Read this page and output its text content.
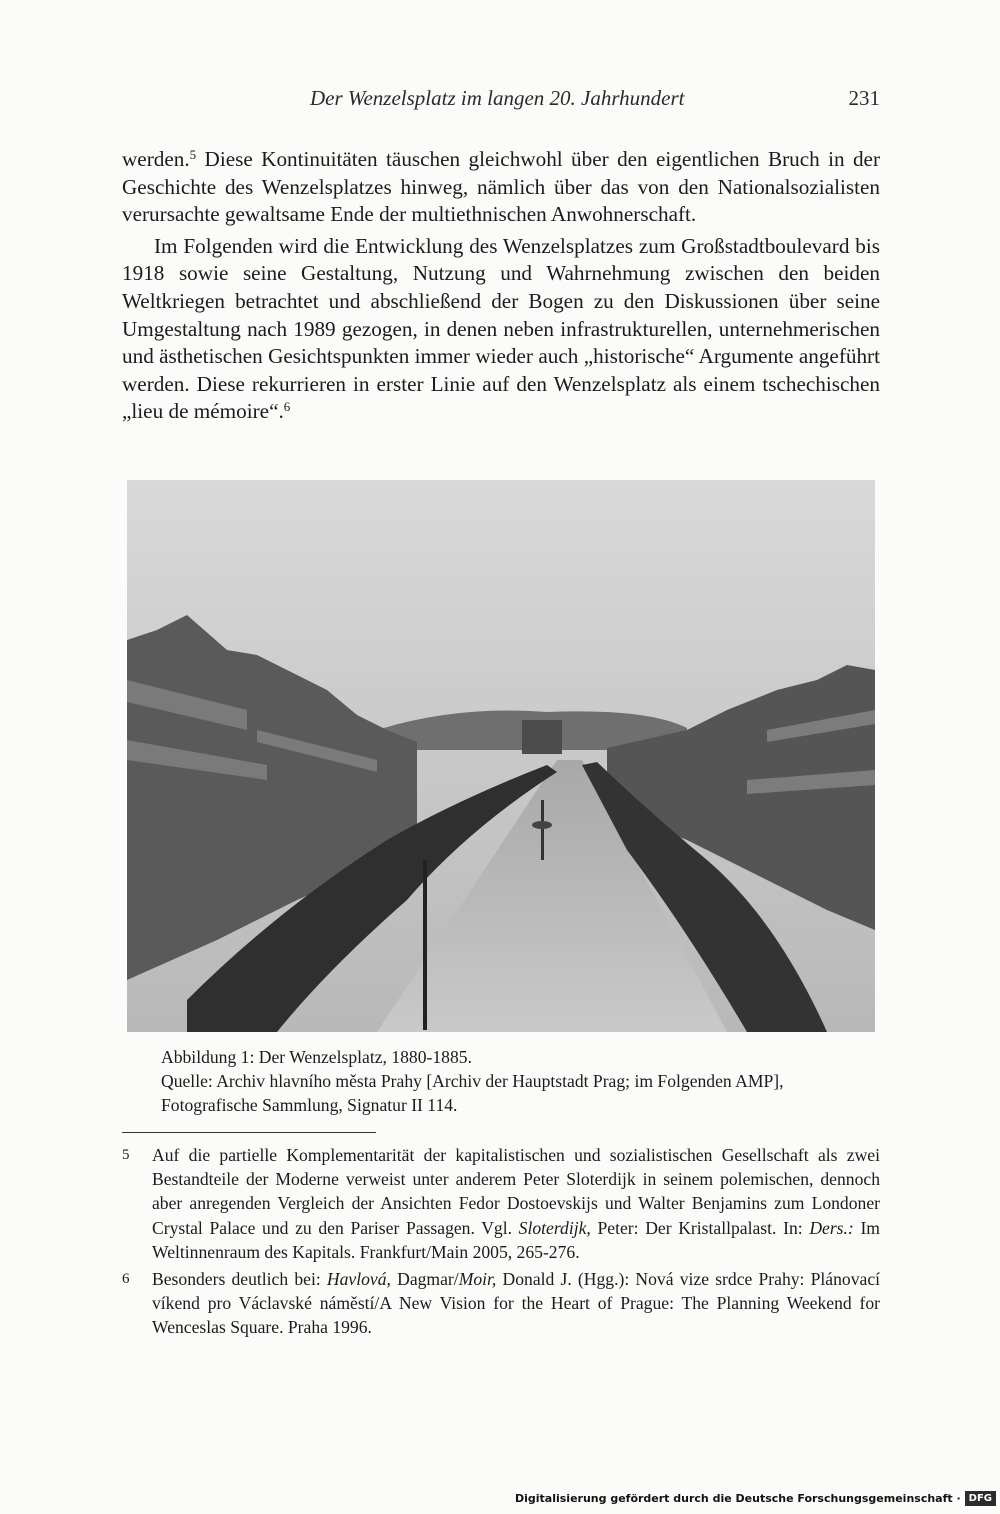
Der Wenzelsplatz im langen 20. Jahrhundert	231

werden.$^5$ Diese Kontinuitäten täuschen gleichwohl über den eigentlichen Bruch in der Geschichte des Wenzelsplatzes hinweg, nämlich über das von den Nationalsozialisten verursachte gewaltsame Ende der multiethnischen Anwohnerschaft.

Im Folgenden wird die Entwicklung des Wenzelsplatzes zum Großstadtboulevard bis 1918 sowie seine Gestaltung, Nutzung und Wahrnehmung zwischen den beiden Weltkriegen betrachtet und abschließend der Bogen zu den Diskussionen über seine Umgestaltung nach 1989 gezogen, in denen neben infrastrukturellen, unternehmerischen und ästhetischen Gesichtspunkten immer wieder auch „historische“ Argumente angeführt werden. Diese rekurrieren in erster Linie auf den Wenzelsplatz als einem tschechischen „lieu de mémoire“.$^6$

Abbildung 1: Der Wenzelsplatz, 1880-1885.
Quelle: Archiv hlavního města Prahy [Archiv der Hauptstadt Prag; im Folgenden AMP], Fotografische Sammlung, Signatur II 114.
5 Auf die partielle Komplementarität der kapitalistischen und sozialistischen Gesellschaft als zwei Bestandteile der Moderne verweist unter anderem Peter Sloterdijk in seinem polemischen, dennoch aber anregenden Vergleich der Ansichten Fedor Dostoevskijs und Walter Benjamins zum Londoner Crystal Palace und zu den Pariser Passagen. Vgl. Sloterdijk, Peter: Der Kristallpalast. In: Ders.: Im Weltinnenraum des Kapitals. Frankfurt/Main 2005, 265-276.
6 Besonders deutlich bei: Havlová, Dagmar/Moir, Donald J. (Hgg.): Nová vize srdce Prahy: Plánovací víkend pro Václavské náměstí/A New Vision for the Heart of Prague: The Planning Weekend for Wenceslas Square. Praha 1996.
Digitalisierung gefördert durch die Deutsche Forschungsgemeinschaft · DFG
